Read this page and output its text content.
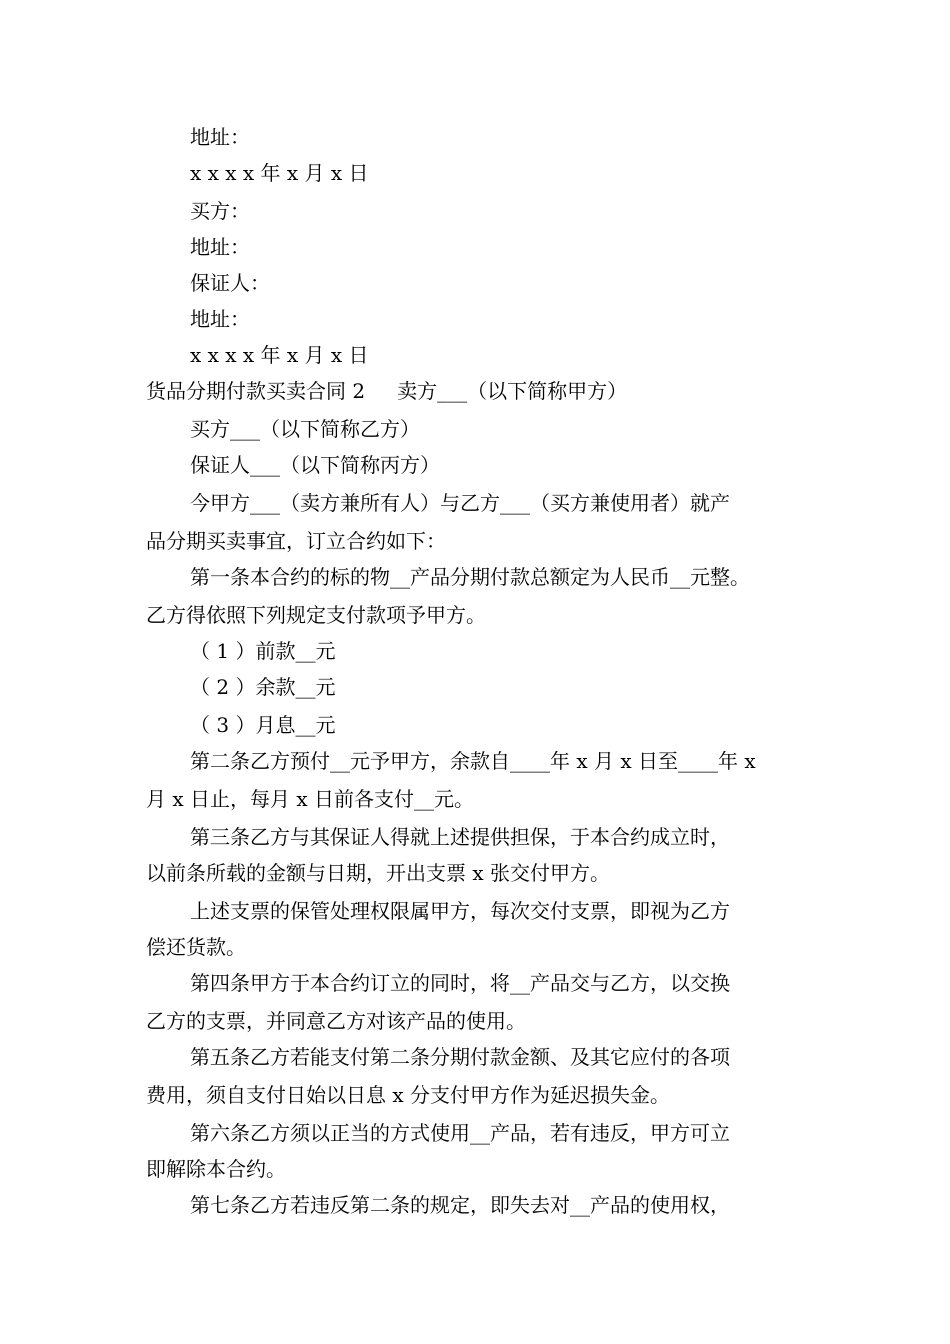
地址：
x x x x 年 x 月 x 日
买方：
地址：
保证人：
地址：
x x x x 年 x 月 x 日
货品分期付款买卖合同 2 卖方___（以下简称甲方）
买方___（以下简称乙方）
保证人___（以下简称丙方）
今甲方___（卖方兼所有人）与乙方___（买方兼使用者）就产
品分期买卖事宜，订立合约如下：
第一条本合约的标的物__产品分期付款总额定为人民币__元整。
乙方得依照下列规定支付款项予甲方。
（ 1 ）前款__元
（ 2 ）余款__元
（ 3 ）月息__元
第二条乙方预付__元予甲方，余款自____年 x 月 x 日至____年 x
月 x 日止，每月 x 日前各支付__元。
第三条乙方与其保证人得就上述提供担保，于本合约成立时，
以前条所载的金额与日期，开出支票 x 张交付甲方。
上述支票的保管处理权限属甲方，每次交付支票，即视为乙方
偿还货款。
第四条甲方于本合约订立的同时，将__产品交与乙方，以交换
乙方的支票，并同意乙方对该产品的使用。
第五条乙方若能支付第二条分期付款金额、及其它应付的各项
费用，须自支付日始以日息 x 分支付甲方作为延迟损失金。
第六条乙方须以正当的方式使用__产品，若有违反，甲方可立
即解除本合约。
第七条乙方若违反第二条的规定，即失去对__产品的使用权，
